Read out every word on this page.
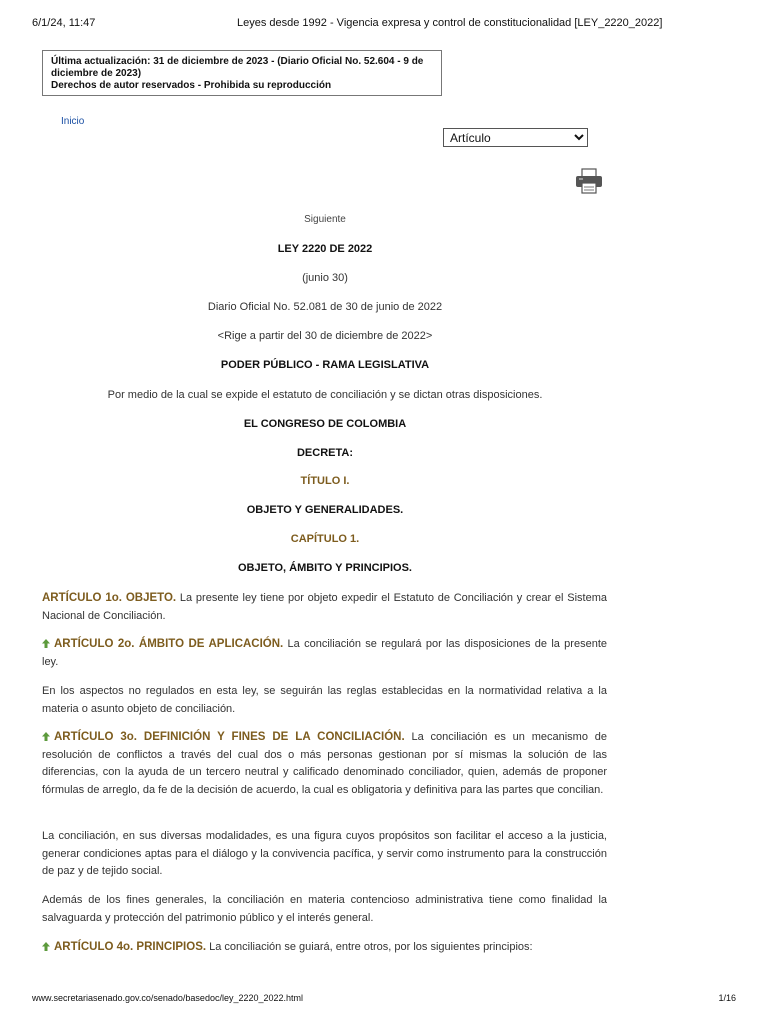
6/1/24, 11:47	Leyes desde 1992 - Vigencia expresa y control de constitucionalidad [LEY_2220_2022]
Última actualización: 31 de diciembre de 2023 - (Diario Oficial No. 52.604 - 9 de diciembre de 2023)
Derechos de autor reservados - Prohibida su reproducción
Inicio
Artículo
Siguiente
LEY 2220 DE 2022
(junio 30)
Diario Oficial No. 52.081 de 30 de junio de 2022
<Rige a partir del 30 de diciembre de 2022>
PODER PÚBLICO - RAMA LEGISLATIVA
Por medio de la cual se expide el estatuto de conciliación y se dictan otras disposiciones.
EL CONGRESO DE COLOMBIA
DECRETA:
TÍTULO I.
OBJETO Y GENERALIDADES.
CAPÍTULO 1.
OBJETO, ÁMBITO Y PRINCIPIOS.

ARTÍCULO 1o. OBJETO. La presente ley tiene por objeto expedir el Estatuto de Conciliación y crear el Sistema Nacional de Conciliación.

ARTÍCULO 2o. ÁMBITO DE APLICACIÓN. La conciliación se regulará por las disposiciones de la presente ley.

En los aspectos no regulados en esta ley, se seguirán las reglas establecidas en la normatividad relativa a la materia o asunto objeto de conciliación.

ARTÍCULO 3o. DEFINICIÓN Y FINES DE LA CONCILIACIÓN. La conciliación es un mecanismo de resolución de conflictos a través del cual dos o más personas gestionan por sí mismas la solución de las diferencias, con la ayuda de un tercero neutral y calificado denominado conciliador, quien, además de proponer fórmulas de arreglo, da fe de la decisión de acuerdo, la cual es obligatoria y definitiva para las partes que concilian.

La conciliación, en sus diversas modalidades, es una figura cuyos propósitos son facilitar el acceso a la justicia, generar condiciones aptas para el diálogo y la convivencia pacífica, y servir como instrumento para la construcción de paz y de tejido social.

Además de los fines generales, la conciliación en materia contencioso administrativa tiene como finalidad la salvaguarda y protección del patrimonio público y el interés general.

ARTÍCULO 4o. PRINCIPIOS. La conciliación se guiará, entre otros, por los siguientes principios:

www.secretariasenado.gov.co/senado/basedoc/ley_2220_2022.html	1/16
